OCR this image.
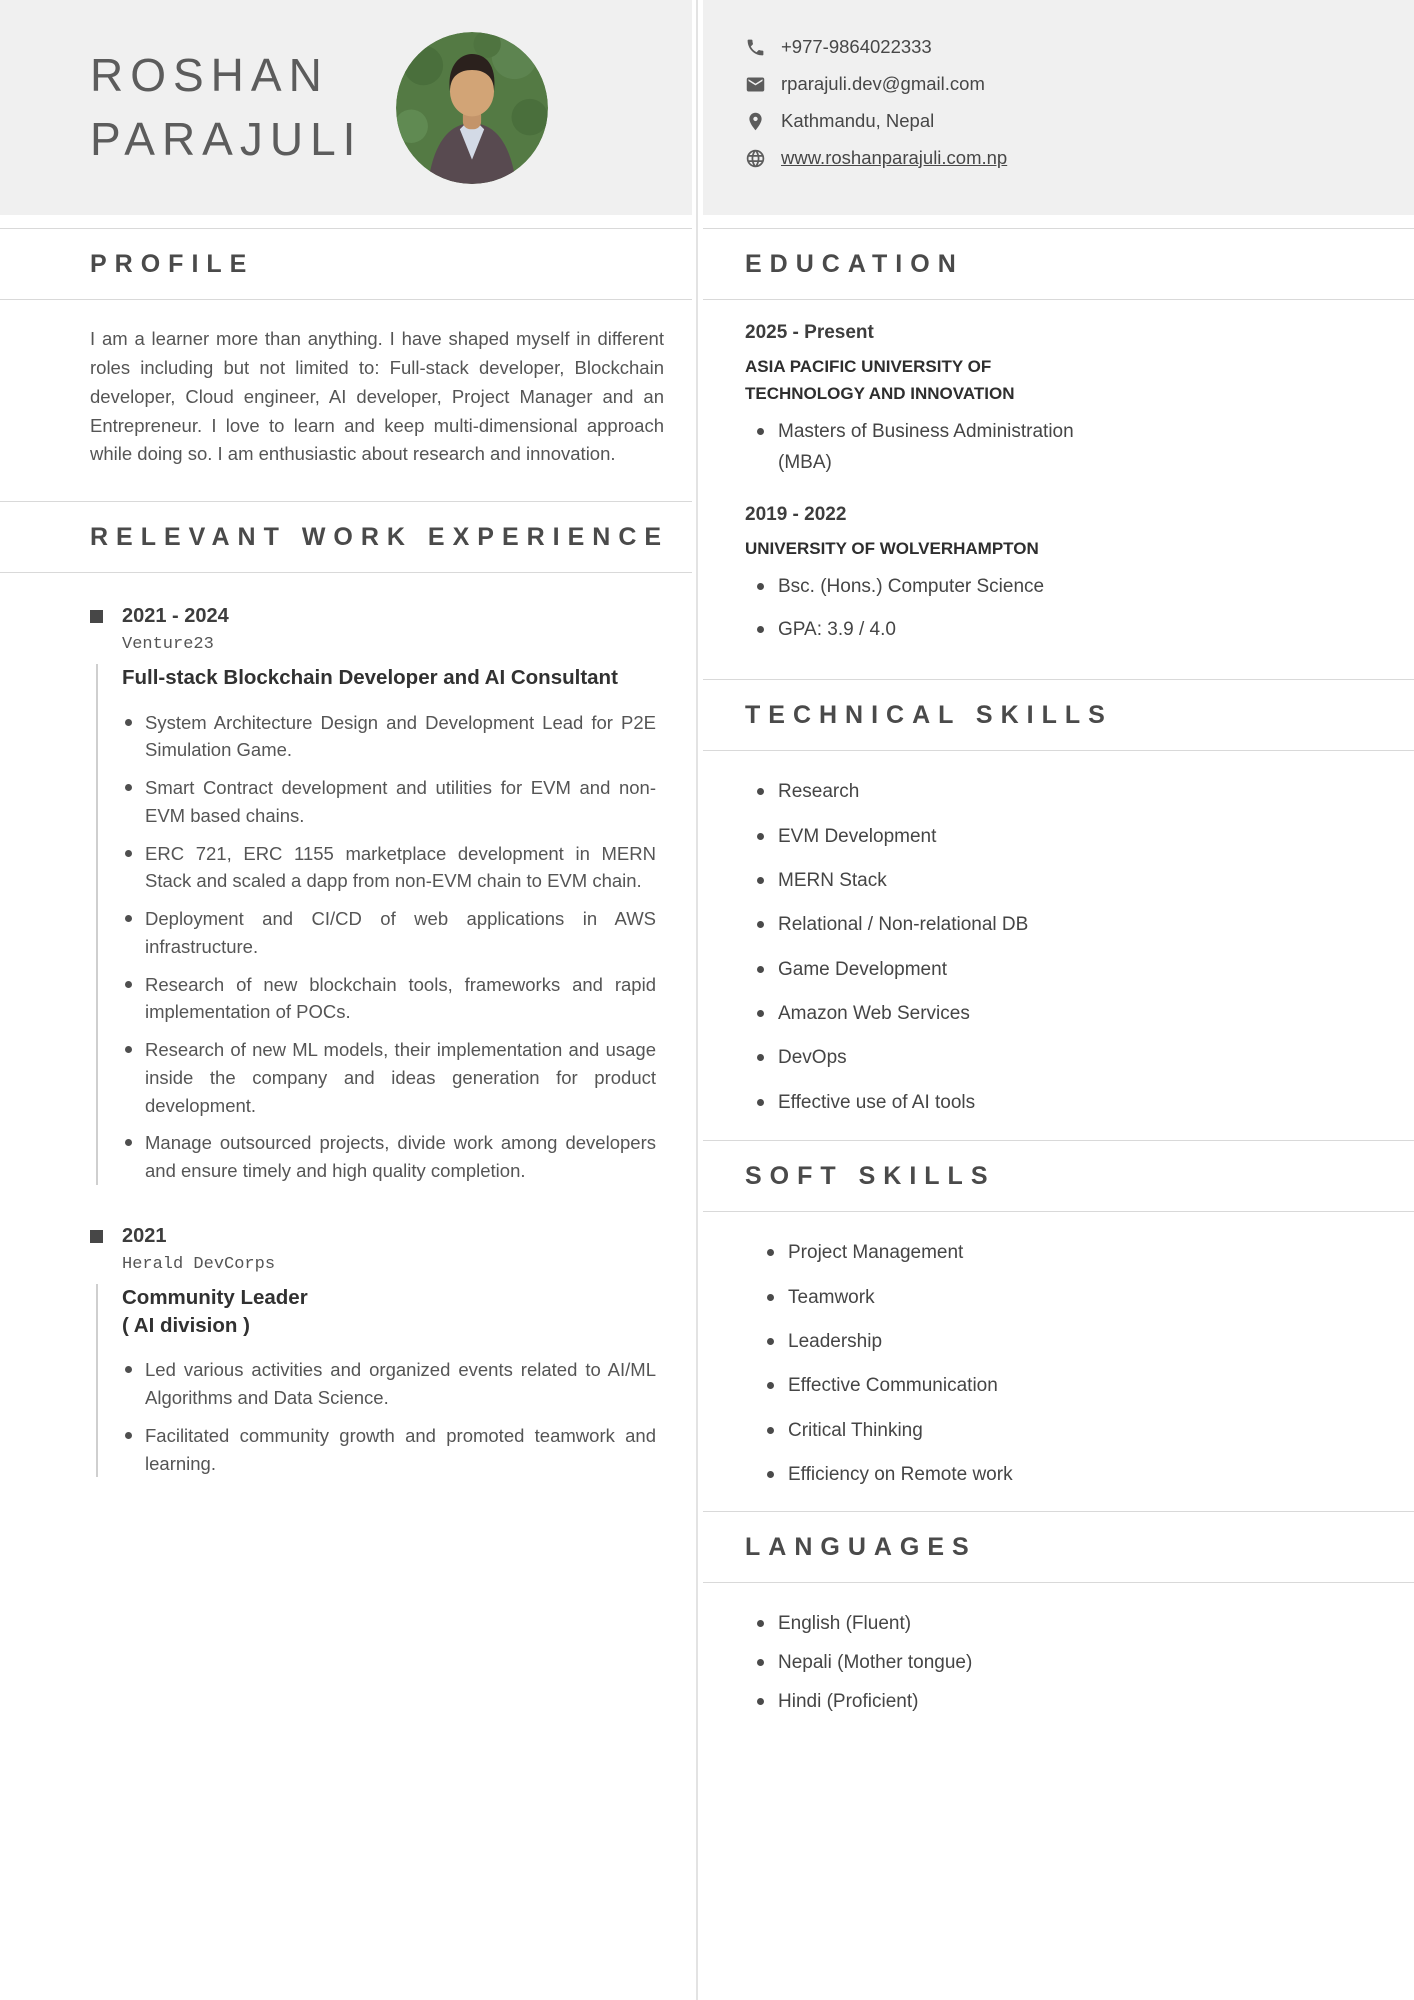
ROSHAN
PARAJULI
PROFILE

I am a learner more than anything. I have shaped myself in different roles including but not limited to: Full-stack developer, Blockchain developer, Cloud engineer, AI developer, Project Manager and an Entrepreneur. I love to learn and keep multi-dimensional approach while doing so. I am enthusiastic about research and innovation.

RELEVANT WORK EXPERIENCE
2021 - 2024
Venture23
Full-stack Blockchain Developer and AI Consultant
System Architecture Design and Development Lead for P2E Simulation Game.
Smart Contract development and utilities for EVM and non-EVM based chains.
ERC 721, ERC 1155 marketplace development in MERN Stack and scaled a dapp from non-EVM chain to EVM chain.
Deployment and CI/CD of web applications in AWS infrastructure.
Research of new blockchain tools, frameworks and rapid implementation of POCs.
Research of new ML models, their implementation and usage inside the company and ideas generation for product development.
Manage outsourced projects, divide work among developers and ensure timely and high quality completion.
2021
Herald DevCorps
Community Leader
( AI division )
Led various activities and organized events related to AI/ML Algorithms and Data Science.
Facilitated community growth and promoted teamwork and learning.
+977-9864022333
rparajuli.dev@gmail.com
Kathmandu, Nepal
www.roshanparajuli.com.np
EDUCATION
2025 - Present
ASIA PACIFIC UNIVERSITY OF TECHNOLOGY AND INNOVATION
Masters of Business Administration (MBA)
2019 - 2022
UNIVERSITY OF WOLVERHAMPTON
Bsc. (Hons.) Computer Science
GPA: 3.9 / 4.0
TECHNICAL SKILLS
Research
EVM Development
MERN Stack
Relational / Non-relational DB
Game Development
Amazon Web Services
DevOps
Effective use of AI tools
SOFT SKILLS
Project Management
Teamwork
Leadership
Effective Communication
Critical Thinking
Efficiency on Remote work
LANGUAGES
English (Fluent)
Nepali (Mother tongue)
Hindi (Proficient)
